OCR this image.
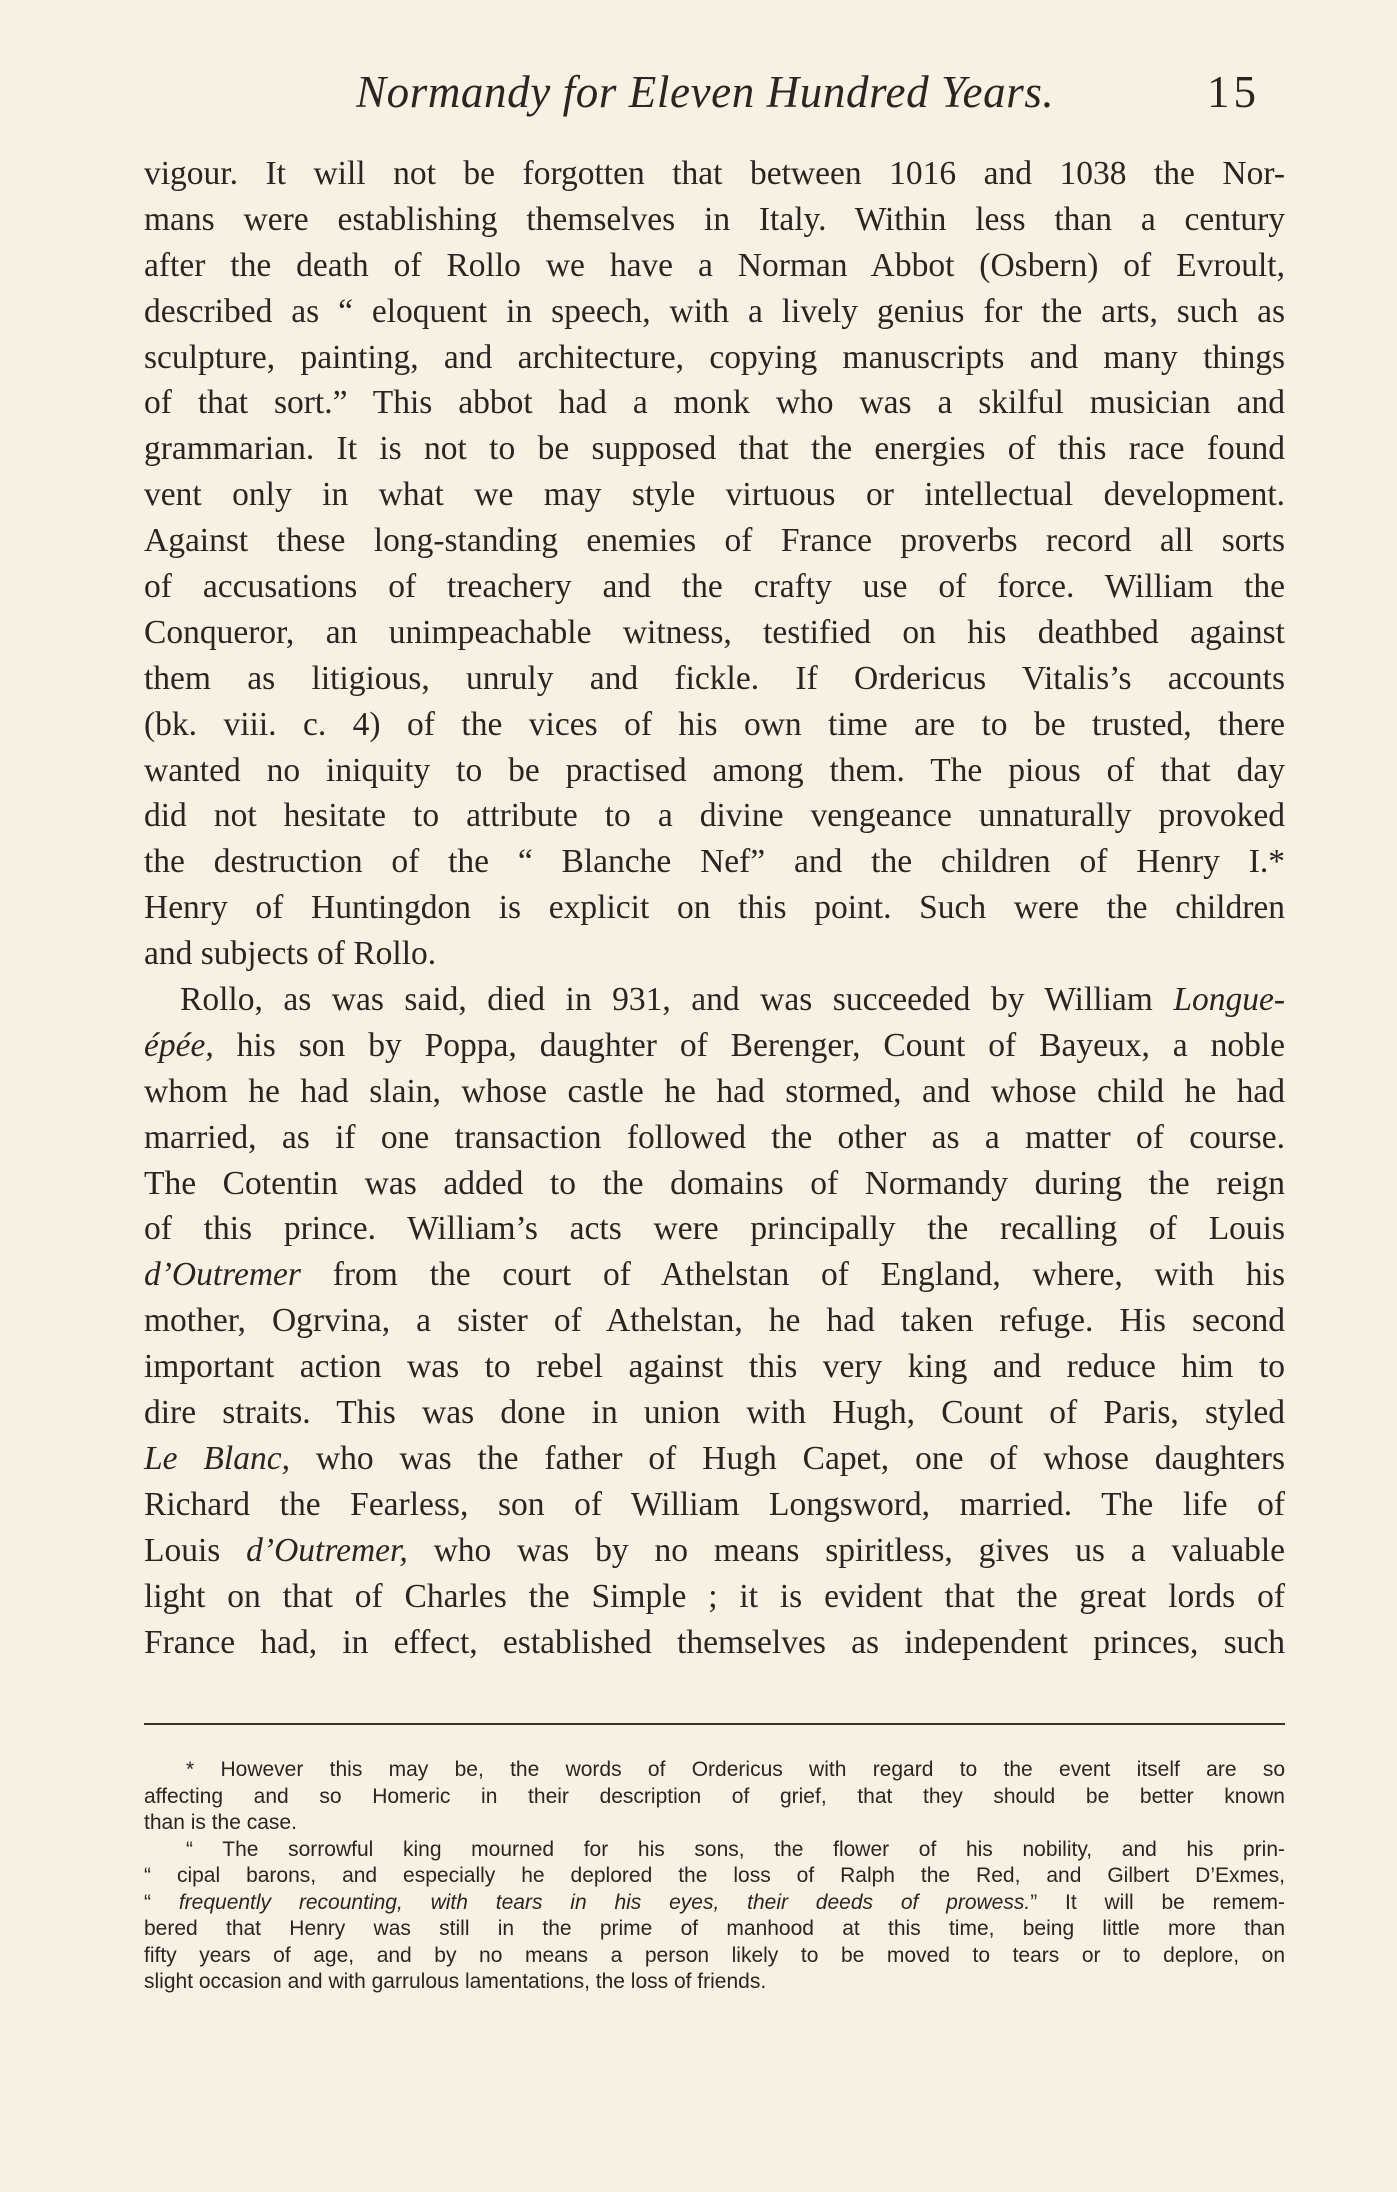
Normandy for Eleven Hundred Years.	15
vigour. It will not be forgotten that between 1016 and 1038 the Nor-
mans were establishing themselves in Italy. Within less than a century
after the death of Rollo we have a Norman Abbot (Osbern) of Evroult,
described as “ eloquent in speech, with a lively genius for the arts, such as
sculpture, painting, and architecture, copying manuscripts and many things
of that sort.” This abbot had a monk who was a skilful musician and
grammarian. It is not to be supposed that the energies of this race found
vent only in what we may style virtuous or intellectual development.
Against these long-standing enemies of France proverbs record all sorts
of accusations of treachery and the crafty use of force. William the
Conqueror, an unimpeachable witness, testified on his deathbed against
them as litigious, unruly and fickle. If Ordericus Vitalis’s accounts
(bk. viii. c. 4) of the vices of his own time are to be trusted, there
wanted no iniquity to be practised among them. The pious of that day
did not hesitate to attribute to a divine vengeance unnaturally provoked
the destruction of the “ Blanche Nef” and the children of Henry I.*
Henry of Huntingdon is explicit on this point. Such were the children
and subjects of Rollo.
Rollo, as was said, died in 931, and was succeeded by William Longue-
épée, his son by Poppa, daughter of Berenger, Count of Bayeux, a noble
whom he had slain, whose castle he had stormed, and whose child he had
married, as if one transaction followed the other as a matter of course.
The Cotentin was added to the domains of Normandy during the reign
of this prince. William’s acts were principally the recalling of Louis
d’Outremer from the court of Athelstan of England, where, with his
mother, Ogrvina, a sister of Athelstan, he had taken refuge. His second
important action was to rebel against this very king and reduce him to
dire straits. This was done in union with Hugh, Count of Paris, styled
Le Blanc, who was the father of Hugh Capet, one of whose daughters
Richard the Fearless, son of William Longsword, married. The life of
Louis d’Outremer, who was by no means spiritless, gives us a valuable
light on that of Charles the Simple ; it is evident that the great lords of
France had, in effect, established themselves as independent princes, such
* However this may be, the words of Ordericus with regard to the event itself are so
affecting and so Homeric in their description of grief, that they should be better known
than is the case.
“ The sorrowful king mourned for his sons, the flower of his nobility, and his prin-
“ cipal barons, and especially he deplored the loss of Ralph the Red, and Gilbert D’Exmes,
“ frequently recounting, with tears in his eyes, their deeds of prowess.” It will be remem-
bered that Henry was still in the prime of manhood at this time, being little more than
fifty years of age, and by no means a person likely to be moved to tears or to deplore, on
slight occasion and with garrulous lamentations, the loss of friends.
